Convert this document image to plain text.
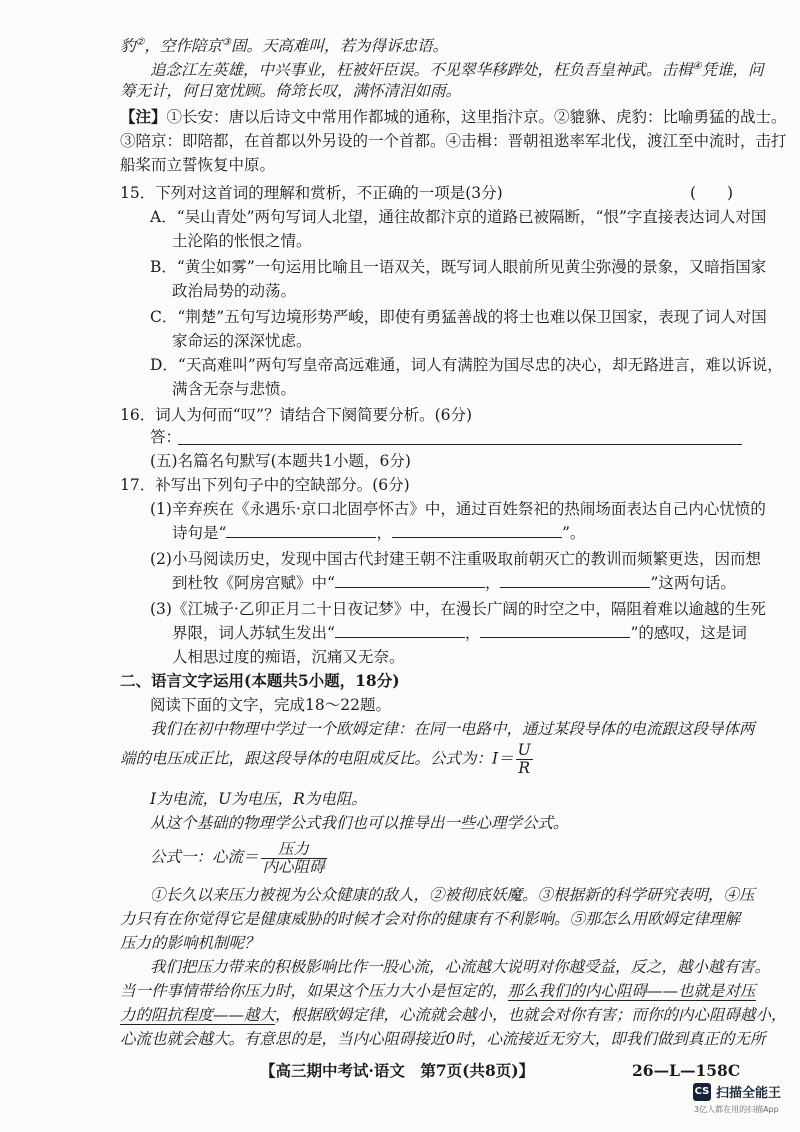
豹②，空作陪京③固。天高难叫，若为得诉忠语。
追念江左英雄，中兴事业，枉被奸臣误。不见翠华移跸处，枉负吾皇神武。击楫④凭谁，问
筹无计，何日宽忧顾。倚筇长叹，满怀清泪如雨。
【注】①长安：唐以后诗文中常用作都城的通称，这里指汴京。②貔貅、虎豹：比喻勇猛的战士。
③陪京：即陪都，在首都以外另设的一个首都。④击楫：晋朝祖逖率军北伐，渡江至中流时，击打
船桨而立誓恢复中原。
15．下列对这首词的理解和赏析，不正确的一项是(3分)	(　　)
A．“吴山青处”两句写词人北望，通往故都汴京的道路已被隔断，“恨”字直接表达词人对国
土沦陷的怅恨之情。
B．“黄尘如雾”一句运用比喻且一语双关，既写词人眼前所见黄尘弥漫的景象，又暗指国家
政治局势的动荡。
C．“荆楚”五句写边境形势严峻，即使有勇猛善战的将士也难以保卫国家，表现了词人对国
家命运的深深忧虑。
D．“天高难叫”两句写皇帝高远难通，词人有满腔为国尽忠的决心，却无路进言，难以诉说，
满含无奈与悲愤。
16．词人为何而“叹”？请结合下阕简要分析。(6分)
答：
(五)名篇名句默写(本题共1小题，6分)
17．补写出下列句子中的空缺部分。(6分)
(1)辛弃疾在《永遇乐·京口北固亭怀古》中，通过百姓祭祀的热闹场面表达自己内心忧愤的
诗句是“	，	”。
(2)小马阅读历史，发现中国古代封建王朝不注重吸取前朝灭亡的教训而频繁更迭，因而想
到杜牧《阿房宫赋》中“	，	”这两句话。
(3)《江城子·乙卯正月二十日夜记梦》中，在漫长广阔的时空之中，隔阻着难以逾越的生死
界限，词人苏轼生发出“	，	”的感叹，这是词
人相思过度的痴语，沉痛又无奈。
二、语言文字运用(本题共5小题，18分)
阅读下面的文字，完成18～22题。
我们在初中物理中学过一个欧姆定律：在同一电路中，通过某段导体的电流跟这段导体两
端的电压成正比，跟这段导体的电阻成反比。公式为：$I= \frac{U}{R}$
I为电流，U为电压，R为电阻。
从这个基础的物理学公式我们也可以推导出一些心理学公式。
公式一：心流＝ $\frac{\text{压力}}{\text{内心阻碍}}$
①长久以来压力被视为公众健康的敌人，②被彻底妖魔。③根据新的科学研究表明，④压
力只有在你觉得它是健康威胁的时候才会对你的健康有不利影响。⑤那怎么用欧姆定律理解
压力的影响机制呢？
我们把压力带来的积极影响比作一股心流，心流越大说明对你越受益，反之，越小越有害。
当一件事情带给你压力时，如果这个压力大小是恒定的，那么我们的内心阻碍——也就是对压
力的阻抗程度——越大，根据欧姆定律，心流就会越小，也就会对你有害；而你的内心阻碍越小，
心流也就会越大。有意思的是，当内心阻碍接近0时，心流接近无穷大，即我们做到真正的无所
【高三期中考试·语文　第7页(共8页)】	26—L—158C
CS 扫描全能王
3亿人都在用的扫描App
